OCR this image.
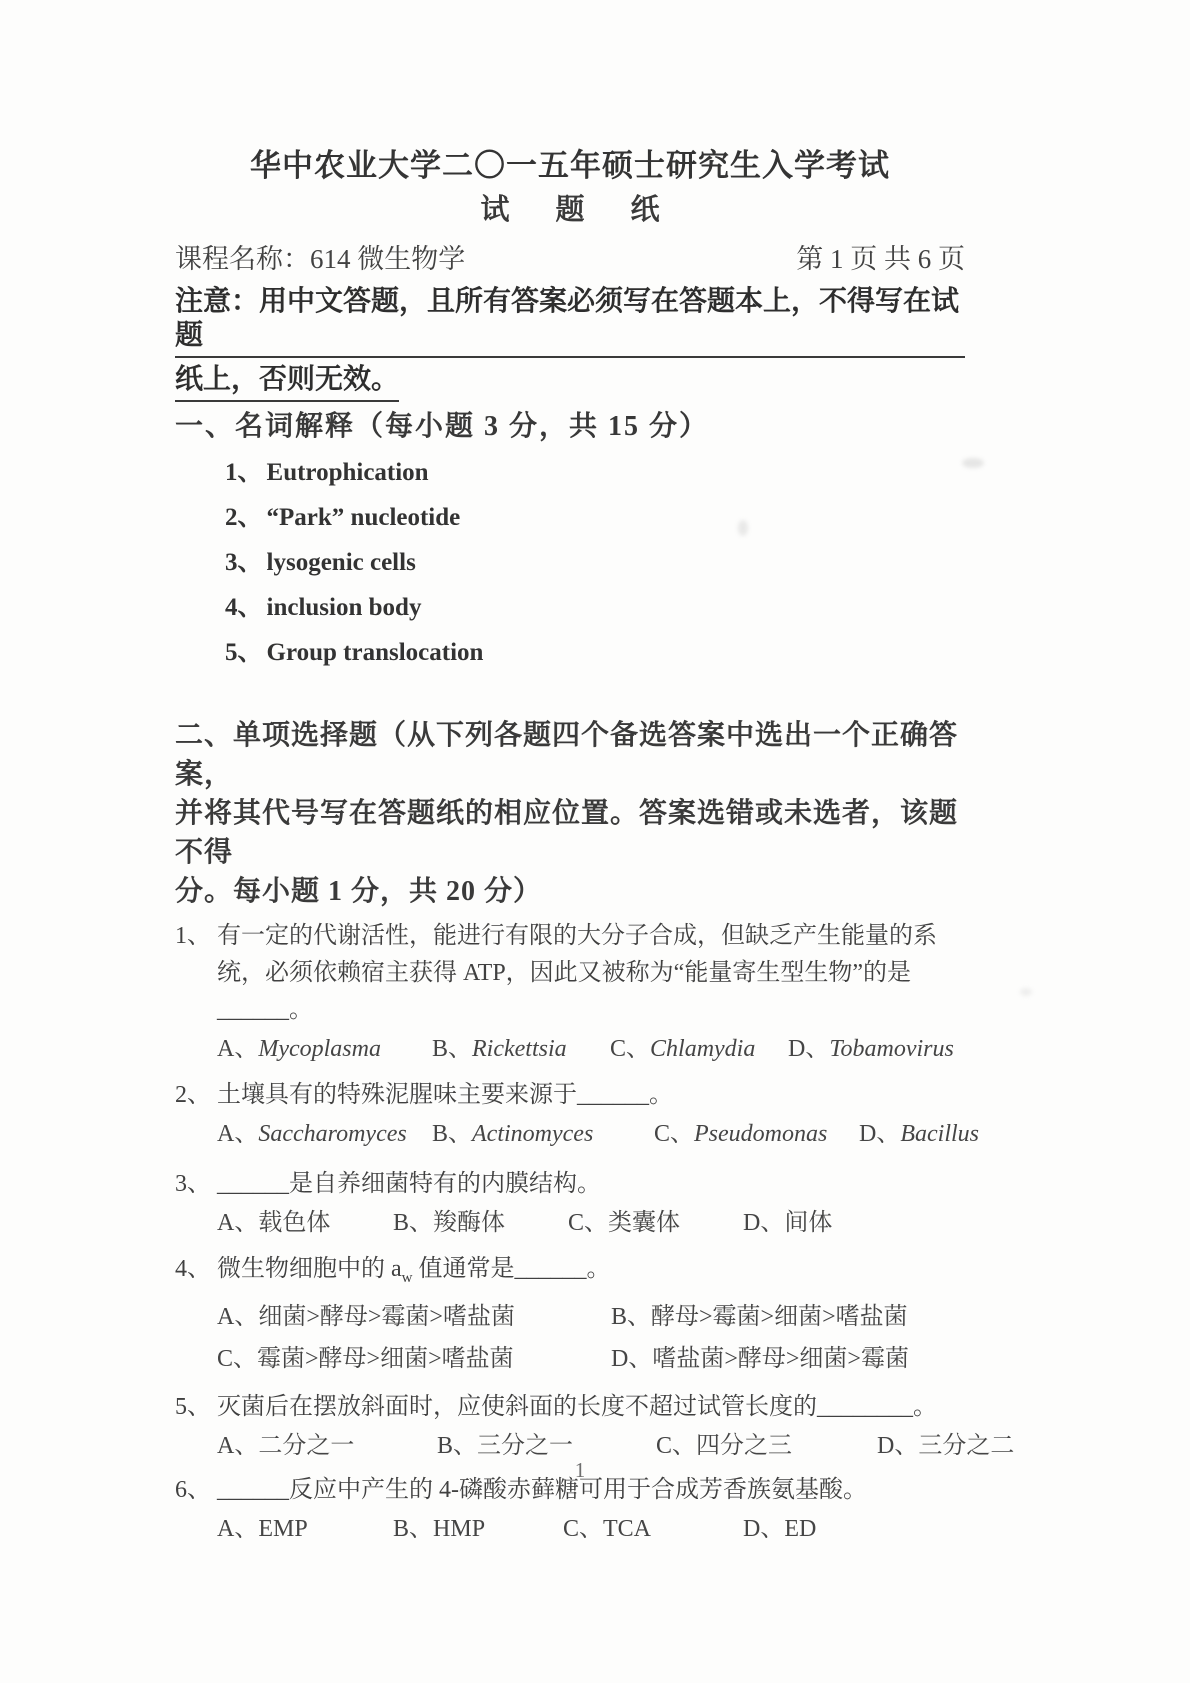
华中农业大学二〇一五年硕士研究生入学考试
试题纸
课程名称：614 微生物学	第 1 页 共 6 页
注意：用中文答题，且所有答案必须写在答题本上，不得写在试题
纸上，否则无效。
一、名词解释（每小题 3 分，共 15 分）
1、 Eutrophication
2、 “Park” nucleotide
3、 lysogenic cells
4、 inclusion body
5、 Group translocation
二、单项选择题（从下列各题四个备选答案中选出一个正确答案，
并将其代号写在答题纸的相应位置。答案选错或未选者，该题不得
分。每小题 1 分，共 20 分）
1、 有一定的代谢活性，能进行有限的大分子合成，但缺乏产生能量的系统，必须依赖宿主获得 ATP，因此又被称为“能量寄生型生物”的是______。
A、Mycoplasma	B、Rickettsia	C、Chlamydia	D、Tobamovirus
2、 土壤具有的特殊泥腥味主要来源于______。
A、Saccharomyces	B、Actinomyces	C、Pseudomonas	D、Bacillus
3、 ______是自养细菌特有的内膜结构。
A、载色体	B、羧酶体	C、类囊体	D、间体
4、 微生物细胞中的 $a_w$ 值通常是______。
A、细菌>酵母>霉菌>嗜盐菌	B、酵母>霉菌>细菌>嗜盐菌
C、霉菌>酵母>细菌>嗜盐菌	D、嗜盐菌>酵母>细菌>霉菌
5、 灭菌后在摆放斜面时，应使斜面的长度不超过试管长度的________。
A、二分之一	B、三分之一	C、四分之三	D、三分之二
6、 ______反应中产生的 4-磷酸赤藓糖可用于合成芳香族氨基酸。
A、EMP	B、HMP	C、TCA	D、ED
1
